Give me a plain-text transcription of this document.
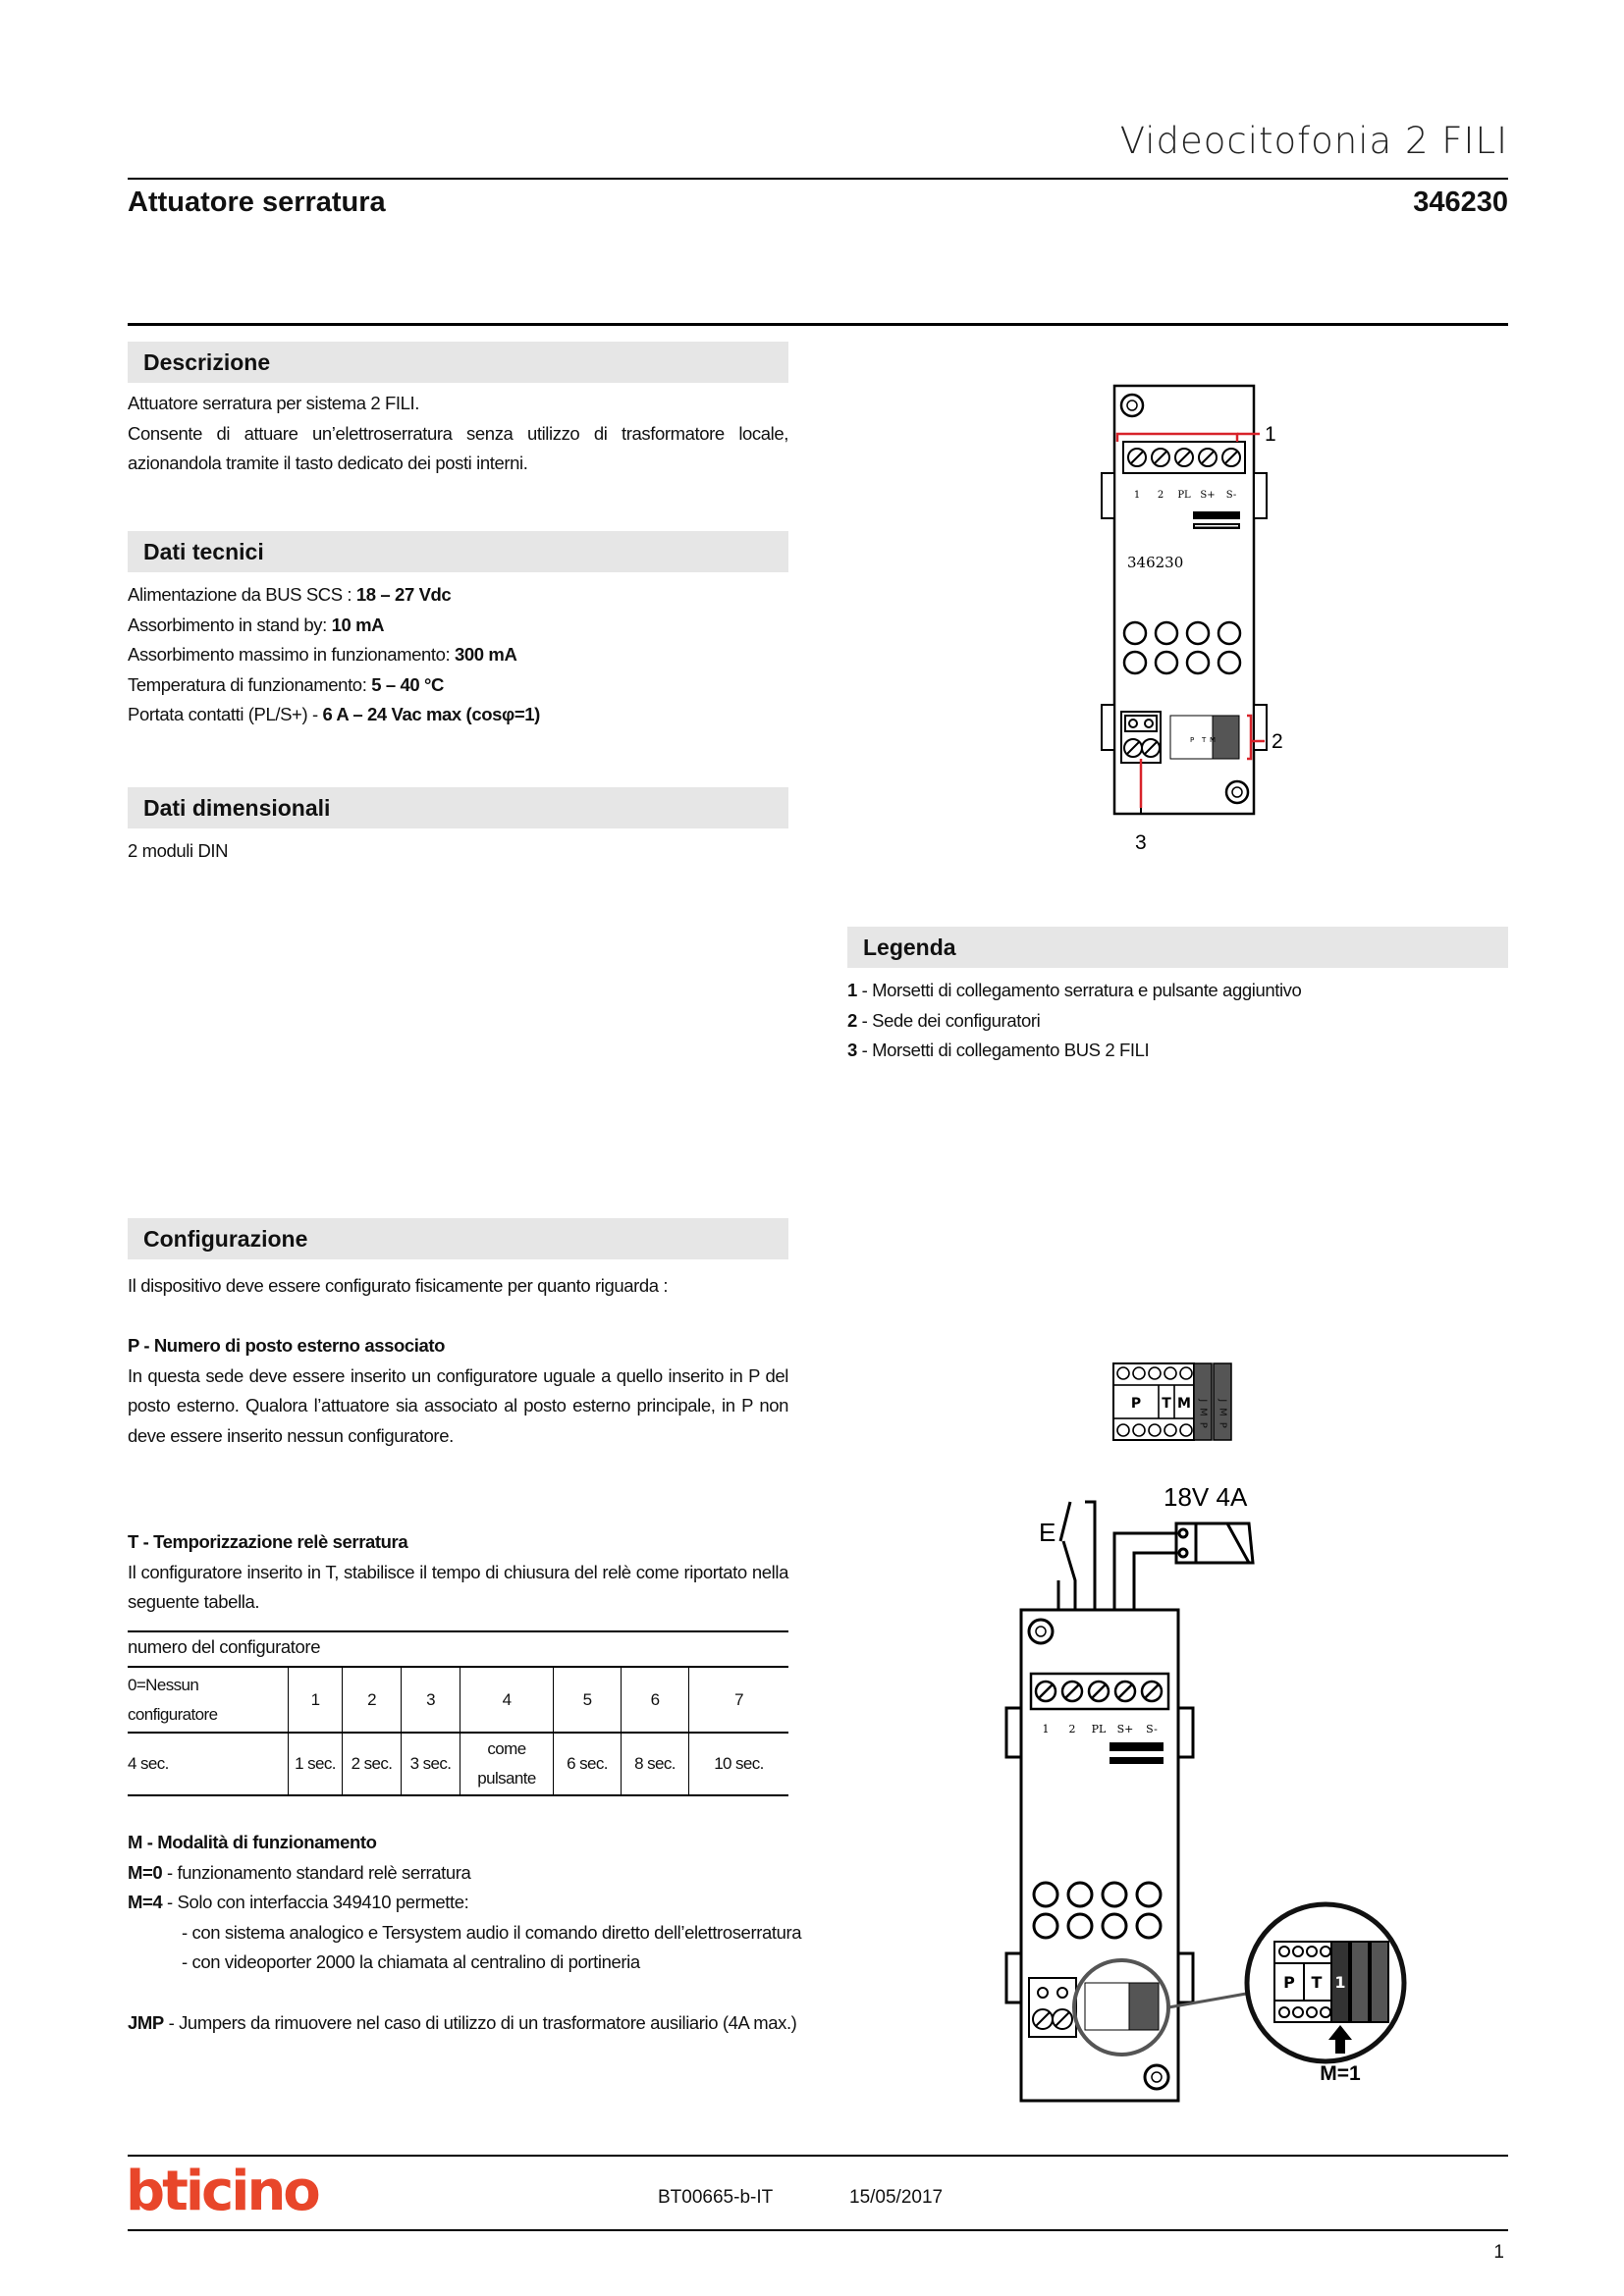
Videocitofonia 2 FILI
Attuatore serratura	346230
Descrizione

Attuatore serratura per sistema 2 FILI.

Consente di attuare un’elettroserratura senza utilizzo di trasformatore locale, azionandola tramite il tasto dedicato dei posti interni.

Dati tecnici

Alimentazione da BUS SCS : 18 – 27 Vdc

Assorbimento in stand by: 10 mA

Assorbimento massimo in funzionamento: 300 mA

Temperatura di funzionamento: 5 – 40 °C

Portata contatti (PL/S+) - 6 A – 24 Vac max (cosφ=1)

Dati dimensionali
2 moduli DIN
1 2 PL S+ S-
346230
P T M
1
2
3
Legenda

1 - Morsetti di collegamento serratura e pulsante aggiuntivo

2 - Sede dei configuratori

3 - Morsetti di collegamento BUS 2 FILI

Configurazione
Il dispositivo deve essere configurato fisicamente per quanto riguarda :

P - Numero di posto esterno associato

In questa sede deve essere inserito un configuratore uguale a quello inserito in P del posto esterno. Qualora l’attuatore sia associato al posto esterno principale, in P non deve essere inserito nessun configuratore.

T - Temporizzazione relè serratura

Il configuratore inserito in T, stabilisce il tempo di chiusura del relè come riportato nella seguente tabella.

numero del configuratore
0=Nessun configuratore	1	2	3	4	5	6	7
4 sec.	1 sec.	2 sec.	3 sec.	come pulsante	6 sec.	8 sec.	10 sec.

M - Modalità di funzionamento

M=0 - funzionamento standard relè serratura

M=4 - Solo con interfaccia 349410 permette:

- con sistema analogico e Tersystem audio il comando diretto dell’elettroserratura

- con videoporter 2000 la chiamata al centralino di portineria

JMP - Jumpers da rimuovere nel caso di utilizzo di un trasformatore ausiliario (4A max.)

P T M JMP JMP
18V 4A
E
1 2 PL S+ S-
P T 1
M=1
bticino	BT00665-b-IT	15/05/2017
1
